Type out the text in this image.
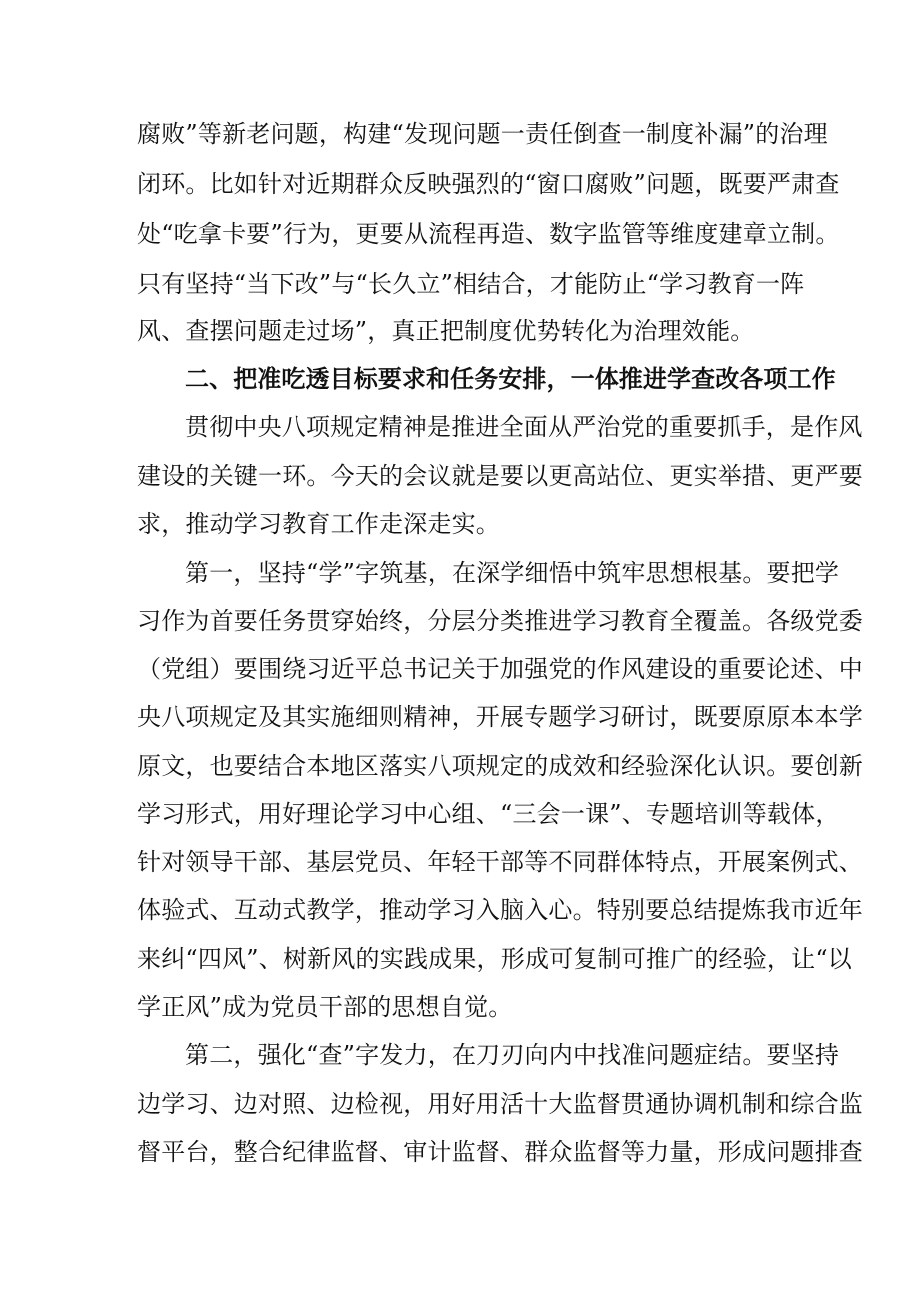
腐败”等新老问题，构建“发现问题一责任倒查一制度补漏”的治理
闭环。比如针对近期群众反映强烈的“窗口腐败”问题，既要严肃查
处“吃拿卡要”行为，更要从流程再造、数字监管等维度建章立制。
只有坚持“当下改”与“长久立”相结合，才能防止“学习教育一阵
风、查摆问题走过场”，真正把制度优势转化为治理效能。
二、把准吃透目标要求和任务安排，一体推进学查改各项工作
贯彻中央八项规定精神是推进全面从严治党的重要抓手，是作风
建设的关键一环。今天的会议就是要以更高站位、更实举措、更严要
求，推动学习教育工作走深走实。
第一，坚持“学”字筑基，在深学细悟中筑牢思想根基。要把学
习作为首要任务贯穿始终，分层分类推进学习教育全覆盖。各级党委
（党组）要围绕习近平总书记关于加强党的作风建设的重要论述、中
央八项规定及其实施细则精神，开展专题学习研讨，既要原原本本学
原文，也要结合本地区落实八项规定的成效和经验深化认识。要创新
学习形式，用好理论学习中心组、“三会一课”、专题培训等载体，
针对领导干部、基层党员、年轻干部等不同群体特点，开展案例式、
体验式、互动式教学，推动学习入脑入心。特别要总结提炼我市近年
来纠“四风”、树新风的实践成果，形成可复制可推广的经验，让“以
学正风”成为党员干部的思想自觉。
第二，强化“查”字发力，在刀刃向内中找准问题症结。要坚持
边学习、边对照、边检视，用好用活十大监督贯通协调机制和综合监
督平台，整合纪律监督、审计监督、群众监督等力量，形成问题排查
